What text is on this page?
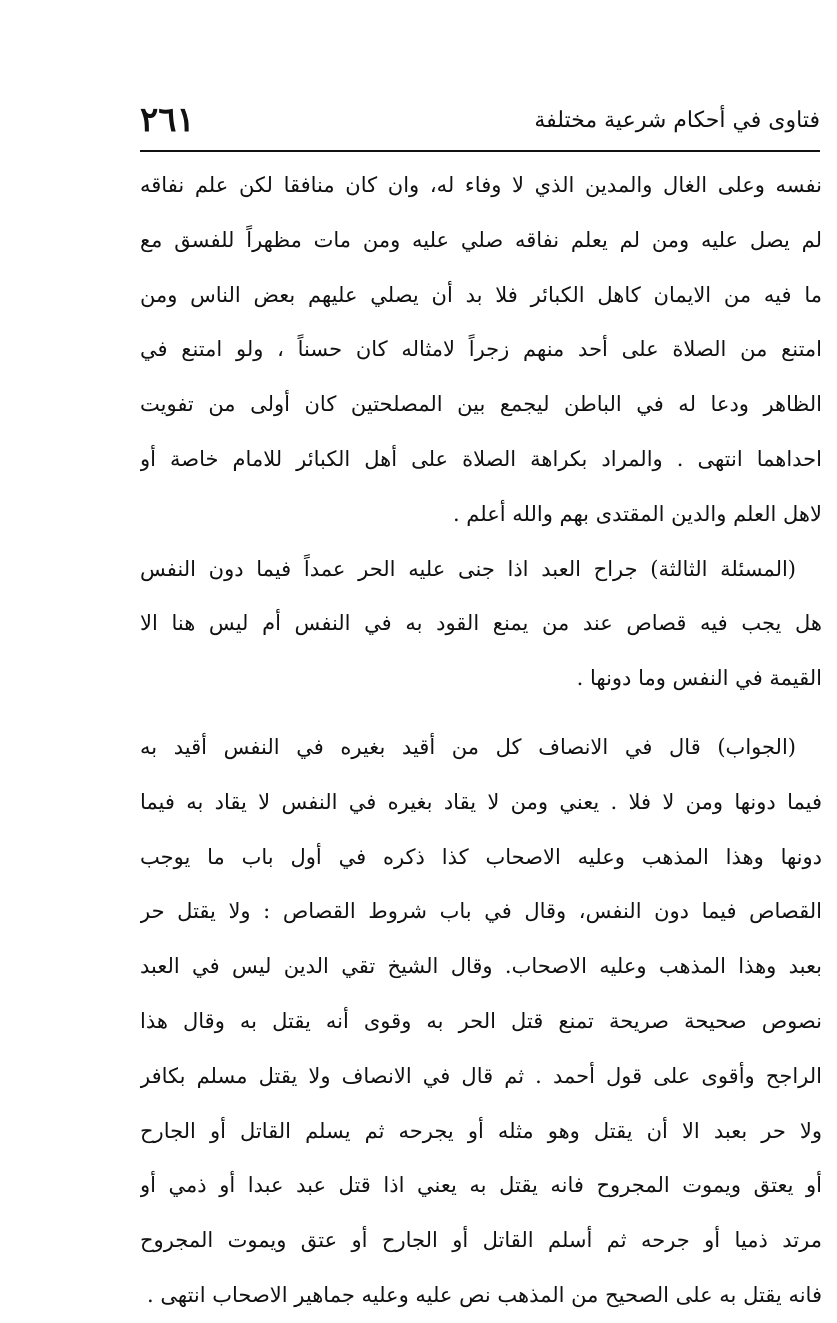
فتاوى في أحكام شرعية مختلفة
٢٦١
نفسه وعلى الغال والمدين الذي لا وفاء له، وان كان منافقا لكن علم نفاقه
لم يصل عليه ومن لم يعلم نفاقه صلي عليه ومن مات مظهراً للفسق مع
ما فيه من الايمان كاهل الكبائر فلا بد أن يصلي عليهم بعض الناس ومن
امتنع من الصلاة على أحد منهم زجراً لامثاله كان حسناً ، ولو امتنع في
الظاهر ودعا له في الباطن ليجمع بين المصلحتين كان أولى من تفويت
احداهما انتهى . والمراد بكراهة الصلاة على أهل الكبائر للامام خاصة أو
لاهل العلم والدين المقتدى بهم والله أعلم .
(المسئلة الثالثة) جراح العبد اذا جنى عليه الحر عمداً فيما دون النفس
هل يجب فيه قصاص عند من يمنع القود به في النفس أم ليس هنا الا
القيمة في النفس وما دونها .
(الجواب) قال في الانصاف كل من أقيد بغيره في النفس أقيد به
فيما دونها ومن لا فلا . يعني ومن لا يقاد بغيره في النفس لا يقاد به فيما
دونها وهذا المذهب وعليه الاصحاب كذا ذكره في أول باب ما يوجب
القصاص فيما دون النفس، وقال في باب شروط القصاص : ولا يقتل حر
بعبد وهذا المذهب وعليه الاصحاب. وقال الشيخ تقي الدين ليس في العبد
نصوص صحيحة صريحة تمنع قتل الحر به وقوى أنه يقتل به وقال هذا
الراجح وأقوى على قول أحمد . ثم قال في الانصاف ولا يقتل مسلم بكافر
ولا حر بعبد الا أن يقتل وهو مثله أو يجرحه ثم يسلم القاتل أو الجارح
أو يعتق ويموت المجروح فانه يقتل به يعني اذا قتل عبد عبدا أو ذمي أو
مرتد ذميا أو جرحه ثم أسلم القاتل أو الجارح أو عتق ويموت المجروح
فانه يقتل به على الصحيح من المذهب نص عليه وعليه جماهير الاصحاب انتهى .
